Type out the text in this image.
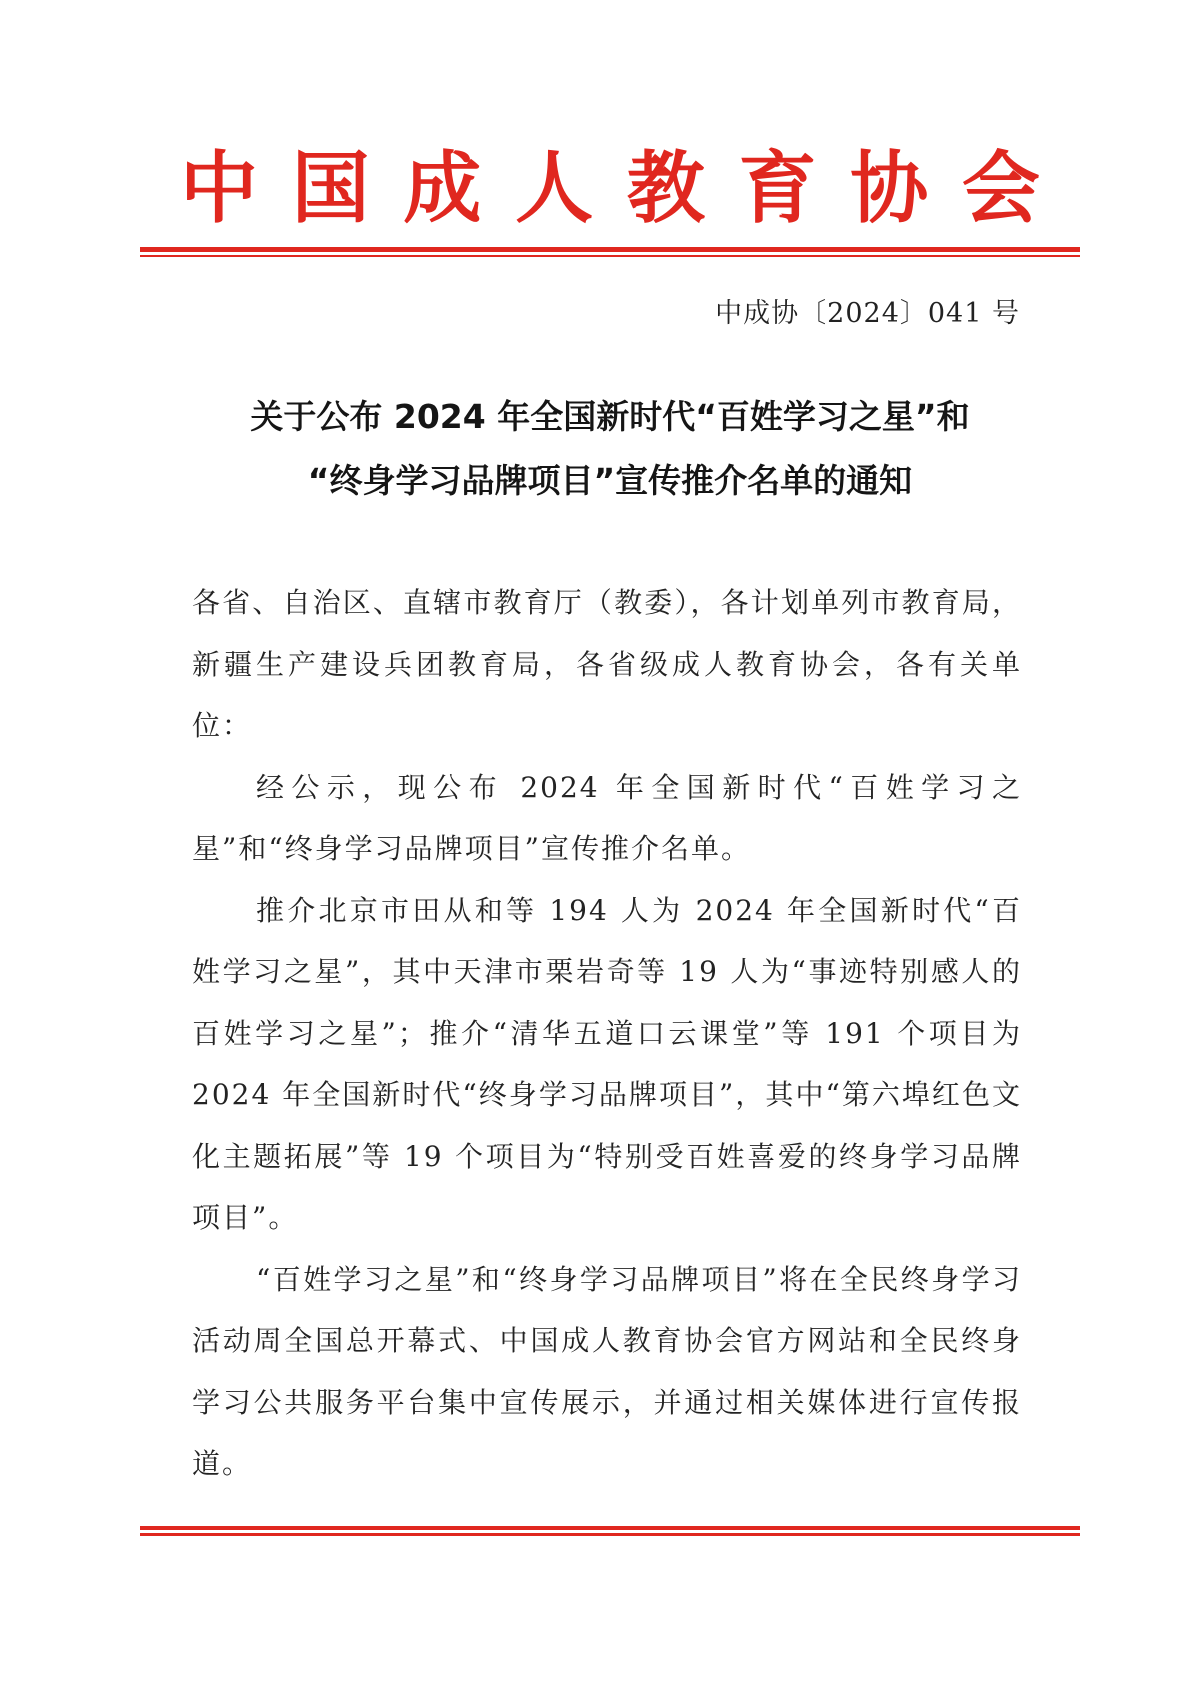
中 国 成 人 教 育 协 会
中成协〔2024〕041 号
关于公布 2024 年全国新时代“百姓学习之星”和
“终身学习品牌项目”宣传推介名单的通知

各省、自治区、直辖市教育厅（教委），各计划单列市教育局，新疆生产建设兵团教育局，各省级成人教育协会，各有关单位：

经公示，现公布 2024 年全国新时代“百姓学习之星”和“终身学习品牌项目”宣传推介名单。

推介北京市田从和等 194 人为 2024 年全国新时代“百姓学习之星”，其中天津市栗岩奇等 19 人为“事迹特别感人的百姓学习之星”；推介“清华五道口云课堂”等 191 个项目为 2024 年全国新时代“终身学习品牌项目”，其中“第六埠红色文化主题拓展”等 19 个项目为“特别受百姓喜爱的终身学习品牌项目”。

“百姓学习之星”和“终身学习品牌项目”将在全民终身学习活动周全国总开幕式、中国成人教育协会官方网站和全民终身学习公共服务平台集中宣传展示，并通过相关媒体进行宣传报道。
